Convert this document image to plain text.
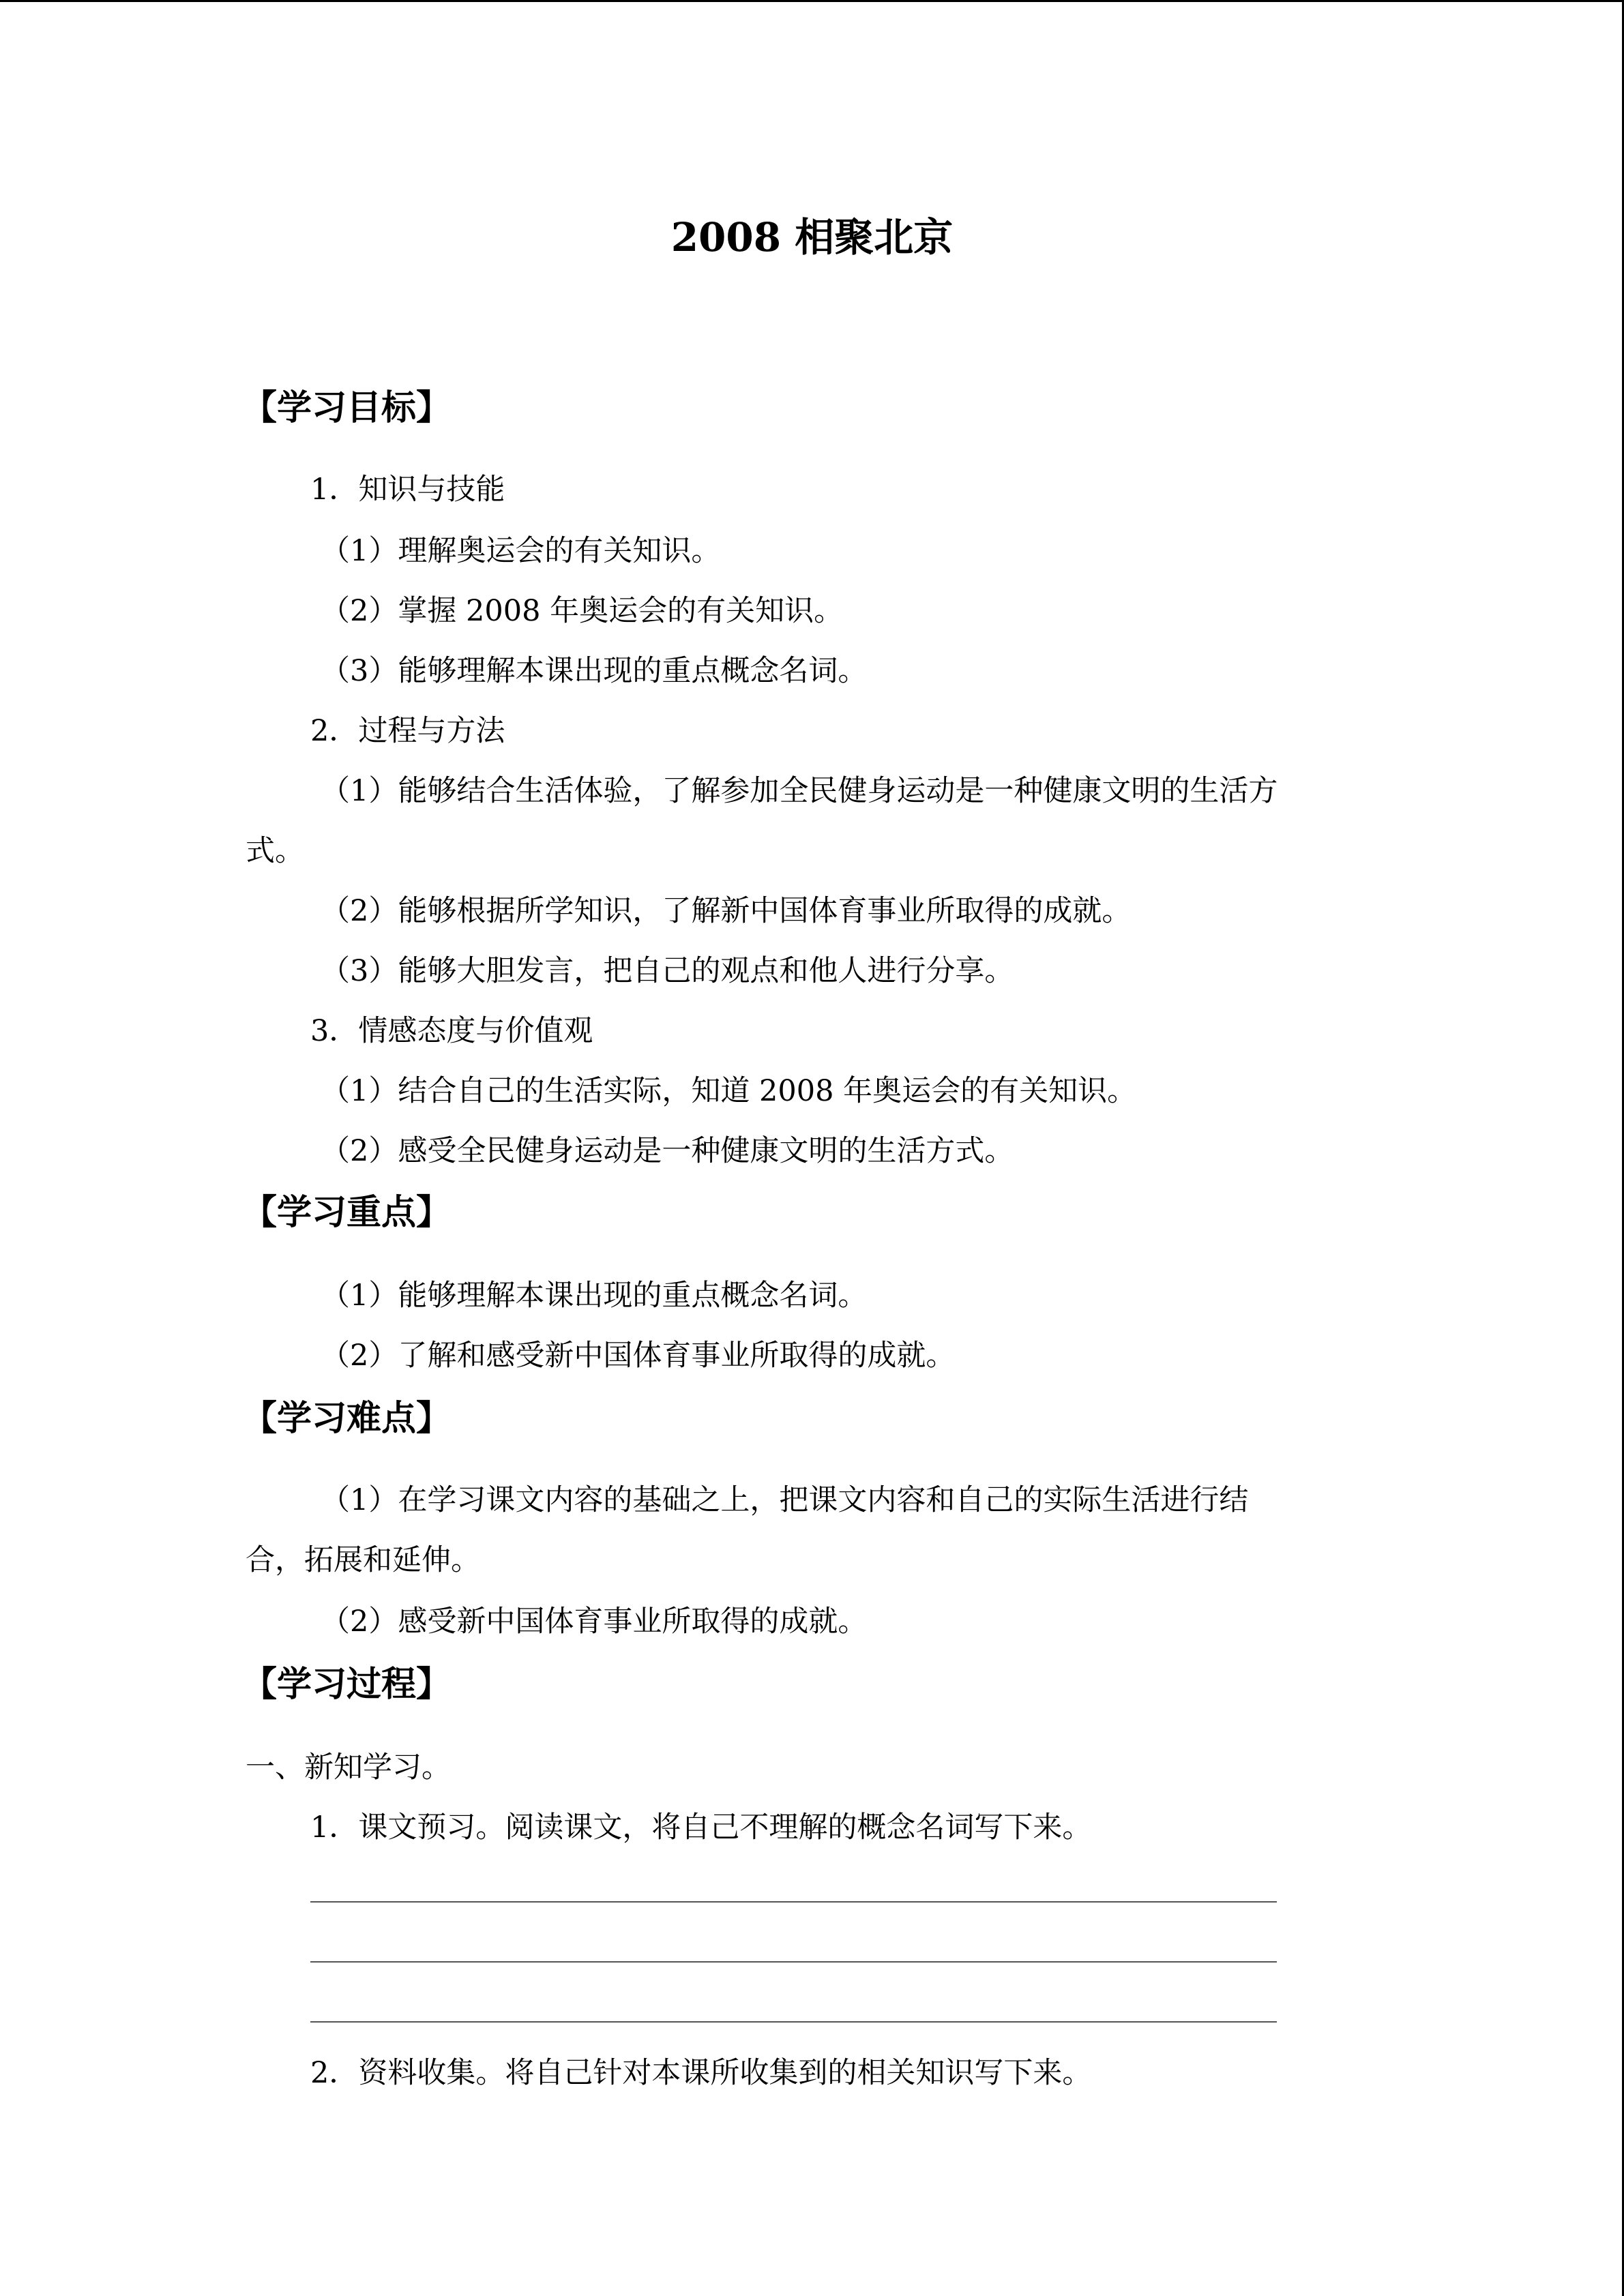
2008 相聚北京
【学习目标】
1．知识与技能
（1）理解奥运会的有关知识。
（2）掌握 2008 年奥运会的有关知识。
（3）能够理解本课出现的重点概念名词。
2．过程与方法
（1）能够结合生活体验，了解参加全民健身运动是一种健康文明的生活方
式。
（2）能够根据所学知识，了解新中国体育事业所取得的成就。
（3）能够大胆发言，把自己的观点和他人进行分享。
3．情感态度与价值观
（1）结合自己的生活实际，知道 2008 年奥运会的有关知识。
（2）感受全民健身运动是一种健康文明的生活方式。
【学习重点】
（1）能够理解本课出现的重点概念名词。
（2）了解和感受新中国体育事业所取得的成就。
【学习难点】
（1）在学习课文内容的基础之上，把课文内容和自己的实际生活进行结
合，拓展和延伸。
（2）感受新中国体育事业所取得的成就。
【学习过程】
一、新知学习。
1．课文预习。阅读课文，将自己不理解的概念名词写下来。
2．资料收集。将自己针对本课所收集到的相关知识写下来。
